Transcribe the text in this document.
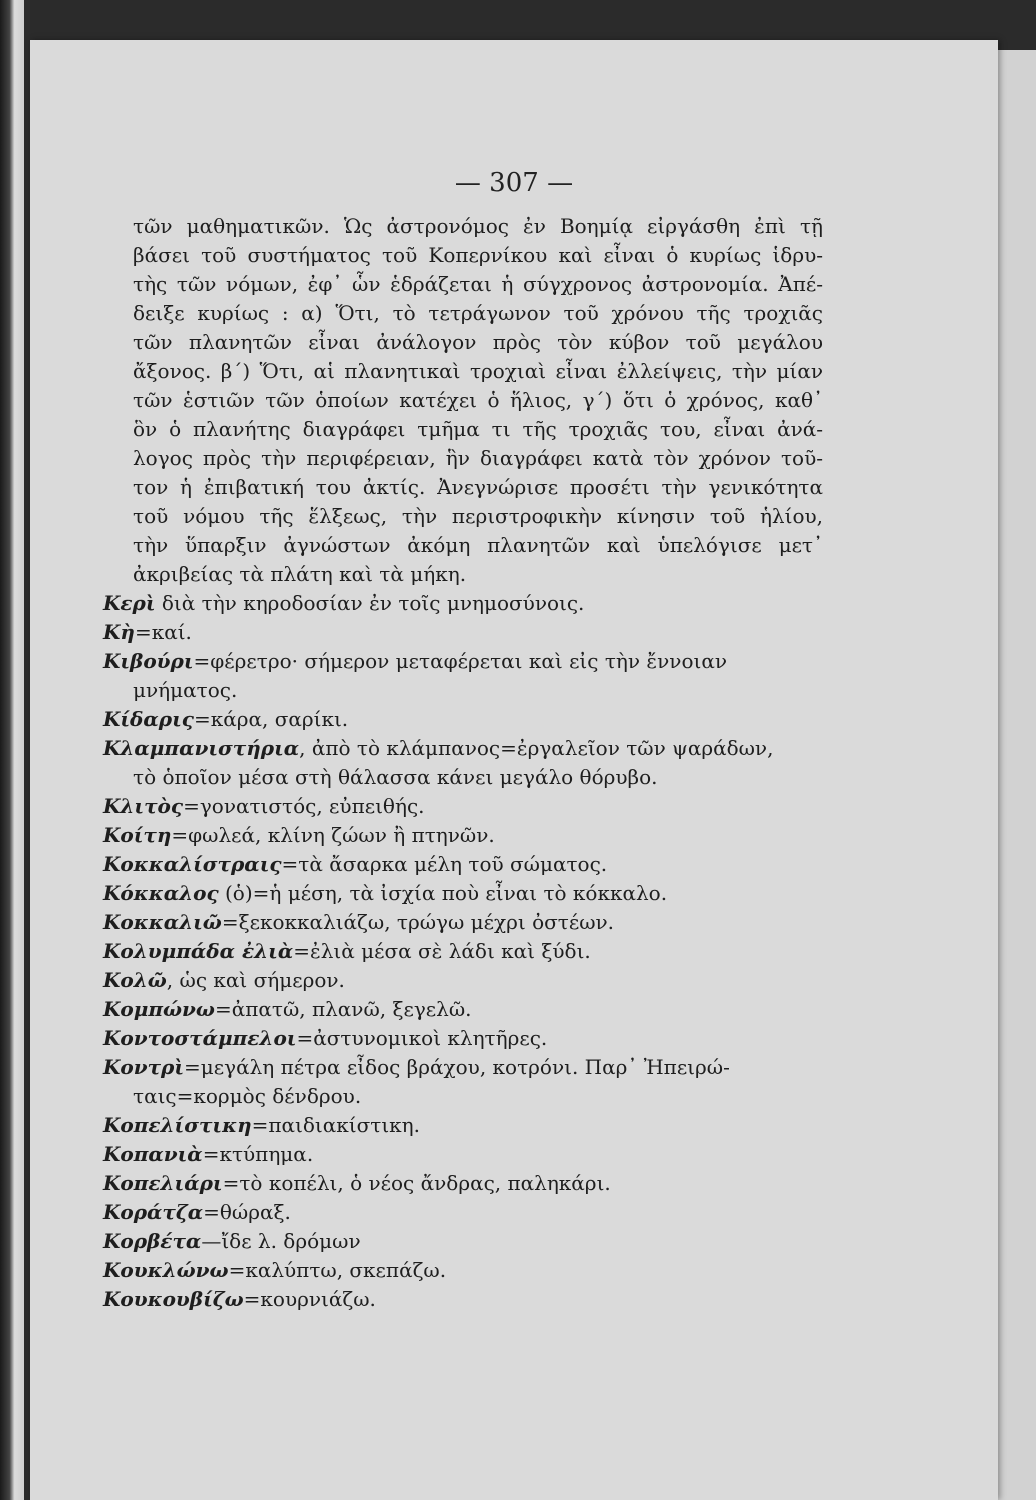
— 307 —
τῶν μαθηματικῶν. Ὡς ἀστρονόμος ἐν Βοημίᾳ εἰργάσθη ἐπὶ τῇ
βάσει τοῦ συστήματος τοῦ Κοπερνίκου καὶ εἶναι ὁ κυρίως ἱδρυ-
τὴς τῶν νόμων, ἐφ᾽ ὧν ἑδράζεται ἡ σύγχρονος ἀστρονομία. Ἀπέ-
δειξε κυρίως : α) Ὅτι, τὸ τετράγωνον τοῦ χρόνου τῆς τροχιᾶς
τῶν πλανητῶν εἶναι ἀνάλογον πρὸς τὸν κύβον τοῦ μεγάλου
ἄξονος. β΄) Ὅτι, αἱ πλανητικαὶ τροχιαὶ εἶναι ἐλλείψεις, τὴν μίαν
τῶν ἑστιῶν τῶν ὁποίων κατέχει ὁ ἥλιος, γ΄) ὅτι ὁ χρόνος, καθ᾽
ὃν ὁ πλανήτης διαγράφει τμῆμα τι τῆς τροχιᾶς του, εἶναι ἀνά-
λογος πρὸς τὴν περιφέρειαν, ἣν διαγράφει κατὰ τὸν χρόνον τοῦ-
τον ἡ ἐπιβατική του ἀκτίς. Ἀνεγνώρισε προσέτι τὴν γενικότητα
τοῦ νόμου τῆς ἕλξεως, τὴν περιστροφικὴν κίνησιν τοῦ ἡλίου,
τὴν ὕπαρξιν ἀγνώστων ἀκόμη πλανητῶν καὶ ὑπελόγισε μετ᾽
ἀκριβείας τὰ πλάτη καὶ τὰ μήκη.
Κερὶ διὰ τὴν κηροδοσίαν ἐν τοῖς μνημοσύνοις.
Κὴ=καί.
Κιβούρι=φέρετρο· σήμερον μεταφέρεται καὶ εἰς τὴν ἔννοιαν
μνήματος.
Κίδαρις=κάρα, σαρίκι.
Κλαμπανιστήρια, ἀπὸ τὸ κλάμπανος=ἐργαλεῖον τῶν ψαράδων,
τὸ ὁποῖον μέσα στὴ θάλασσα κάνει μεγάλο θόρυβο.
Κλιτὸς=γονατιστός, εὐπειθής.
Κοίτη=φωλεά, κλίνη ζώων ἢ πτηνῶν.
Κοκκαλίστραις=τὰ ἄσαρκα μέλη τοῦ σώματος.
Κόκκαλος (ὁ)=ἡ μέση, τὰ ἰσχία ποὺ εἶναι τὸ κόκκαλο.
Κοκκαλιῶ=ξεκοκκαλιάζω, τρώγω μέχρι ὀστέων.
Κολυμπάδα ἐλιὰ=ἐλιὰ μέσα σὲ λάδι καὶ ξύδι.
Κολῶ, ὡς καὶ σήμερον.
Κομπώνω=ἀπατῶ, πλανῶ, ξεγελῶ.
Κοντοστάμπελοι=ἀστυνομικοὶ κλητῆρες.
Κοντρὶ=μεγάλη πέτρα εἶδος βράχου, κοτρόνι. Παρ᾽ Ἠπειρώ-
ταις=κορμὸς δένδρου.
Κοπελίστικη=παιδιακίστικη.
Κοπανιὰ=κτύπημα.
Κοπελιάρι=τὸ κοπέλι, ὁ νέος ἄνδρας, παληκάρι.
Κοράτζα=θώραξ.
Κορβέτα—ἴδε λ. δρόμων
Κουκλώνω=καλύπτω, σκεπάζω.
Κουκουβίζω=κουρνιάζω.
